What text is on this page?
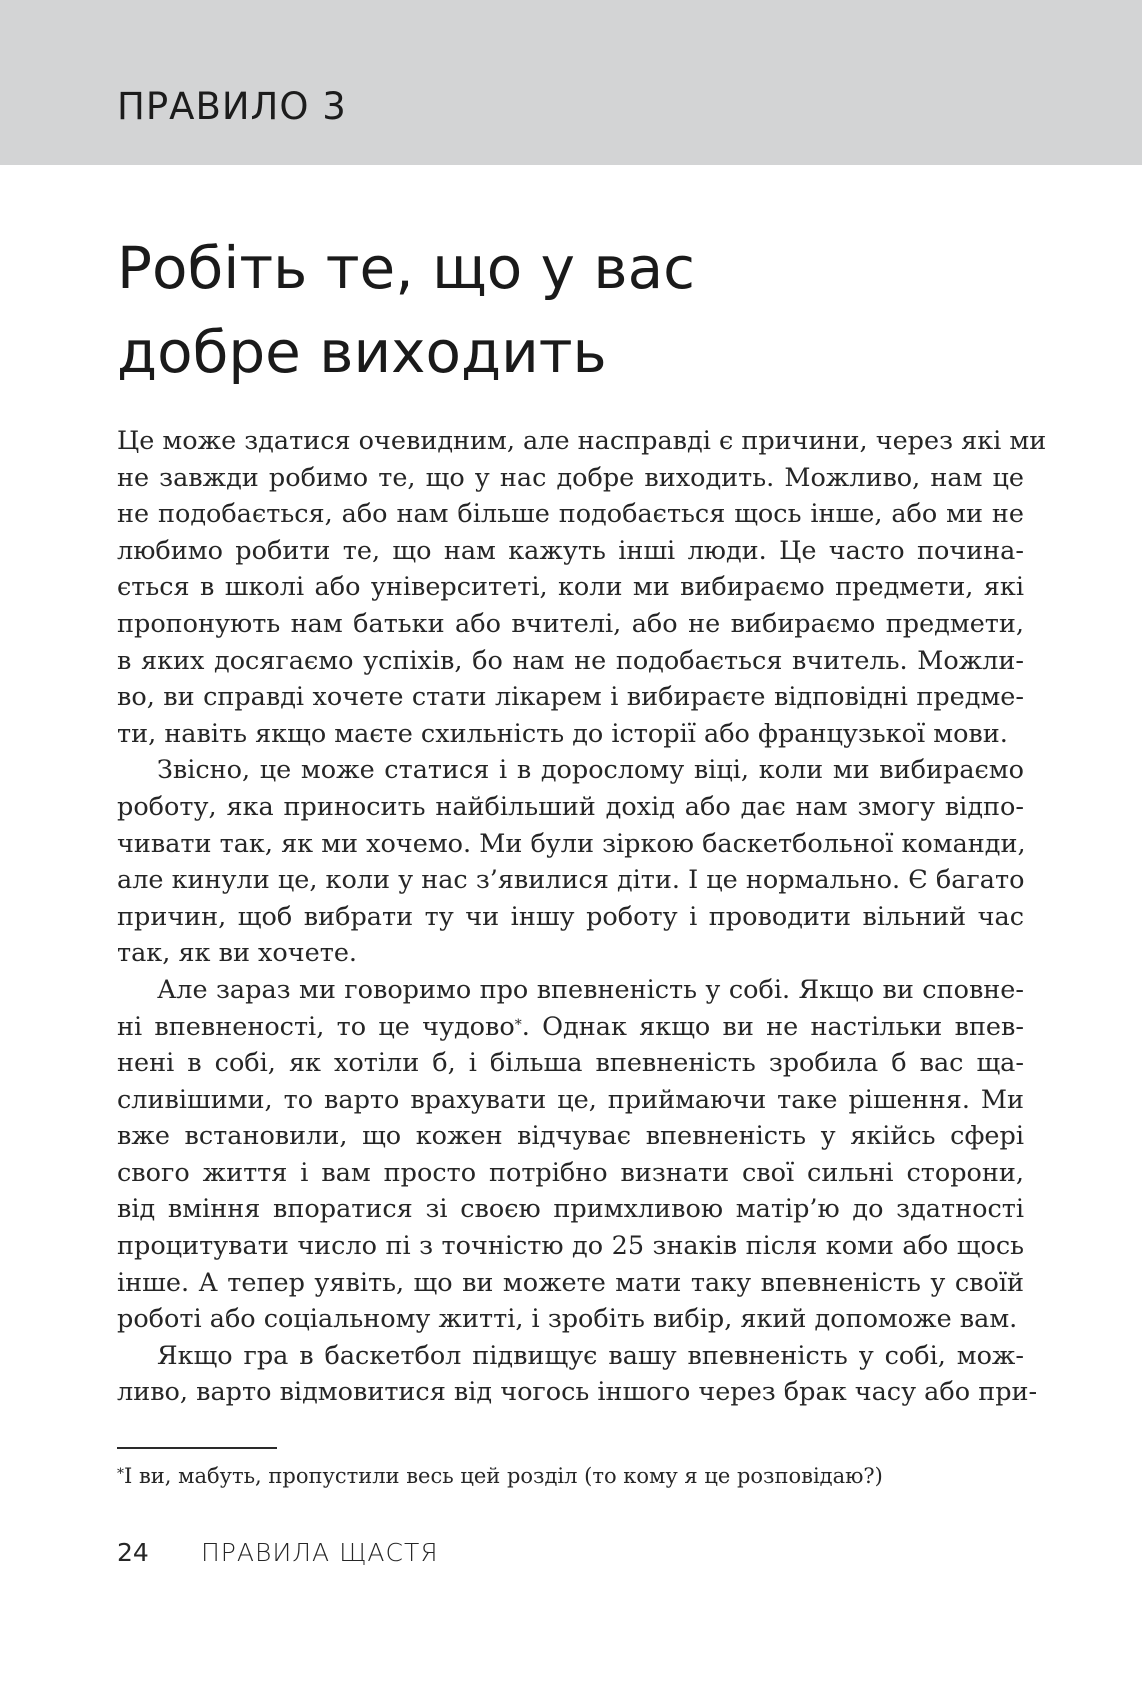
ПРАВИЛО 3
Робіть те, що у вас
добре виходить
Це може здатися очевидним, але насправді є причини, через які ми
не завжди робимо те, що у нас добре виходить. Можливо, нам це
не подобається, або нам більше подобається щось інше, або ми не
любимо робити те, що нам кажуть інші люди. Це часто почина-
ється в школі або університеті, коли ми вибираємо предмети, які
пропонують нам батьки або вчителі, або не вибираємо предмети,
в яких досягаємо успіхів, бо нам не подобається вчитель. Можли-
во, ви справді хочете стати лікарем і вибираєте відповідні предме-
ти, навіть якщо маєте схильність до історії або французької мови.
Звісно, це може статися і в дорослому віці, коли ми вибираємо
роботу, яка приносить найбільший дохід або дає нам змогу відпо-
чивати так, як ми хочемо. Ми були зіркою баскетбольної команди,
але кинули це, коли у нас з’явилися діти. І це нормально. Є багато
причин, щоб вибрати ту чи іншу роботу і проводити вільний час
так, як ви хочете.
Але зараз ми говоримо про впевненість у собі. Якщо ви сповне-
ні впевненості, то це чудово*. Однак якщо ви не настільки впев-
нені в собі, як хотіли б, і більша впевненість зробила б вас ща-
сливішими, то варто врахувати це, приймаючи таке рішення. Ми
вже встановили, що кожен відчуває впевненість у якійсь сфері
свого життя і вам просто потрібно визнати свої сильні сторони,
від вміння впоратися зі своєю примхливою матір’ю до здатності
процитувати число пі з точністю до 25 знаків після коми або щось
інше. А тепер уявіть, що ви можете мати таку впевненість у своїй
роботі або соціальному житті, і зробіть вибір, який допоможе вам.
Якщо гра в баскетбол підвищує вашу впевненість у собі, мож-
ливо, варто відмовитися від чогось іншого через брак часу або при-
*І ви, мабуть, пропустили весь цей розділ (то кому я це розповідаю?)
24 ПРАВИЛА ЩАСТЯ
